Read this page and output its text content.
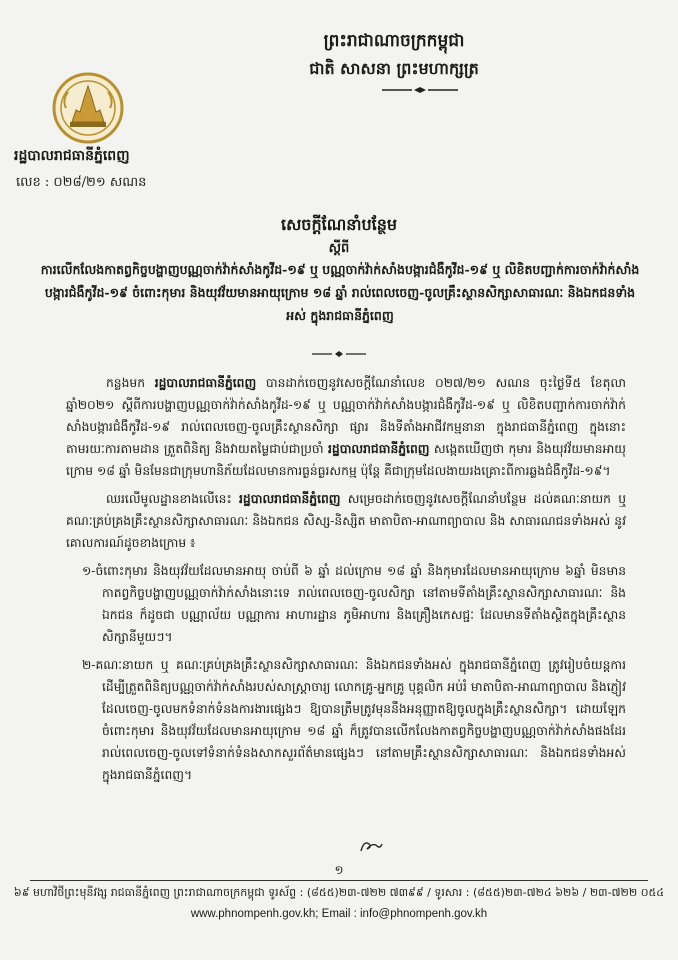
ព្រះរាជាណាចក្រកម្ពុជា
ជាតិ សាសនា ព្រះមហាក្សត្រ
រដ្ឋបាលរាជធានីភ្នំពេញ
លេខ : ០២៨/២១ សណន
សេចក្ដីណែនាំបន្ថែម
ស្ដីពី
ការលើកលែងកាតព្វកិច្ចបង្ហាញបណ្ណចាក់វ៉ាក់សាំងកូវីដ-១៩ ឬ បណ្ណចាក់វ៉ាក់សាំងបង្ការជំងឺកូវីដ-១៩ ឬ លិខិតបញ្ជាក់ការចាក់វ៉ាក់សាំងបង្ការជំងឺកូវីដ-១៩ ចំពោះកុមារ និងយុវវ័យមានអាយុក្រោម ១៨ ឆ្នាំ រាល់ពេលចេញ-ចូលគ្រឹះស្ថានសិក្សាសាធារណៈ និងឯកជនទាំងអស់ ក្នុងរាជធានីភ្នំពេញ

កន្លងមក រដ្ឋបាលរាជធានីភ្នំពេញ បានដាក់ចេញនូវសេចក្ដីណែនាំលេខ ០២៧/២១ សណន ចុះថ្ងៃទី៥ ខែតុលា ឆ្នាំ២០២១ ស្ដីពីការបង្ហាញបណ្ណចាក់វ៉ាក់សាំងកូវីដ-១៩ ឬ បណ្ណចាក់វ៉ាក់សាំងបង្ការជំងឺកូវីដ-១៩ ឬ លិខិតបញ្ជាក់ការចាក់វ៉ាក់សាំងបង្ការជំងឺកូវីដ-១៩ រាល់ពេលចេញ-ចូលគ្រឹះស្ថានសិក្សា ផ្សារ និងទីតាំងអាជីវកម្មនានា ក្នុងរាជធានីភ្នំពេញ ក្នុងនោះ តាមរយៈការតាមដាន ត្រួតពិនិត្យ និងវាយតម្លៃជាប់ជាប្រចាំ រដ្ឋបាលរាជធានីភ្នំពេញ សង្កេតឃើញថា កុមារ និងយុវវ័យមានអាយុក្រោម ១៨ ឆ្នាំ មិនមែនជាក្រុមហានិភ័យដែលមានការធ្ងន់ធ្ងរសកម្ម ប៉ុន្តែ គឺជាក្រុមដែលងាយរងគ្រោះពីការឆ្លងជំងឺកូវីដ-១៩។

ឈរលើមូលដ្ឋានខាងលើនេះ រដ្ឋបាលរាជធានីភ្នំពេញ សម្រេចដាក់ចេញនូវសេចក្ដីណែនាំបន្ថែម ដល់គណៈនាយក ឬ គណៈគ្រប់គ្រងគ្រឹះស្ថានសិក្សាសាធារណៈ និងឯកជន សិស្ស-និស្សិត មាតាបិតា-អាណាព្យាបាល និង សាធារណជនទាំងអស់ នូវគោលការណ៍ដូចខាងក្រោម ៖

១-ចំពោះកុមារ និងយុវវ័យដែលមានអាយុ ចាប់ពី ៦ ឆ្នាំ ដល់ក្រោម ១៨ ឆ្នាំ និងកុមារដែលមានអាយុក្រោម ៦ឆ្នាំ មិនមានកាតព្វកិច្ចបង្ហាញបណ្ណចាក់វ៉ាក់សាំងនោះទេ រាល់ពេលចេញ-ចូលសិក្សា នៅតាមទីតាំងគ្រឹះស្ថានសិក្សាសាធារណៈ និងឯកជន ក៏ដូចជា បណ្ណាល័យ បណ្ណាការ អាហារដ្ឋាន ភូមិអាហារ និងគ្រឿងកេសជ្ជៈ ដែលមានទីតាំងស្ថិតក្នុងគ្រឹះស្ថានសិក្សានីមួយៗ។

២-គណៈនាយក ឬ គណៈគ្រប់គ្រងគ្រឹះស្ថានសិក្សាសាធារណៈ និងឯកជនទាំងអស់ ក្នុងរាជធានីភ្នំពេញ ត្រូវរៀបចំយន្តការ ដើម្បីត្រួតពិនិត្យបណ្ណចាក់វ៉ាក់សាំងរបស់សាស្ត្រាចារ្យ លោកគ្រូ-អ្នកគ្រូ បុគ្គលិក អប់រំ មាតាបិតា-អាណាព្យាបាល និងភ្ញៀវដែលចេញ-ចូលមកទំនាក់ទំនងការងារផ្សេងៗ ឱ្យបានត្រឹមត្រូវមុននឹងអនុញ្ញាតឱ្យចូលក្នុងគ្រឹះស្ថានសិក្សា។ ដោយឡែក ចំពោះកុមារ និងយុវវ័យដែលមានអាយុក្រោម ១៨ ឆ្នាំ ក៏ត្រូវបានលើកលែងកាតព្វកិច្ចបង្ហាញបណ្ណចាក់វ៉ាក់សាំងផងដែរ រាល់ពេលចេញ-ចូលទៅទំនាក់ទំនងសាកសួរព័ត៌មានផ្សេងៗ នៅតាមគ្រឹះស្ថានសិក្សាសាធារណៈ និងឯកជនទាំងអស់ ក្នុងរាជធានីភ្នំពេញ។

១
៦៩ មហាវិថីព្រះមុនីវង្ស រាជធានីភ្នំពេញ ព្រះរាជាណាចក្រកម្ពុជា ទូរស័ព្ទ : (៨៥៥)២៣-៧២២ ៧៣៩៩ / ទូរសារ : (៨៥៥)២៣-៧២៤ ៦២៦ / ២៣-៧២២ ០៥៤
www.phnompenh.gov.kh; Email : info@phnompenh.gov.kh
